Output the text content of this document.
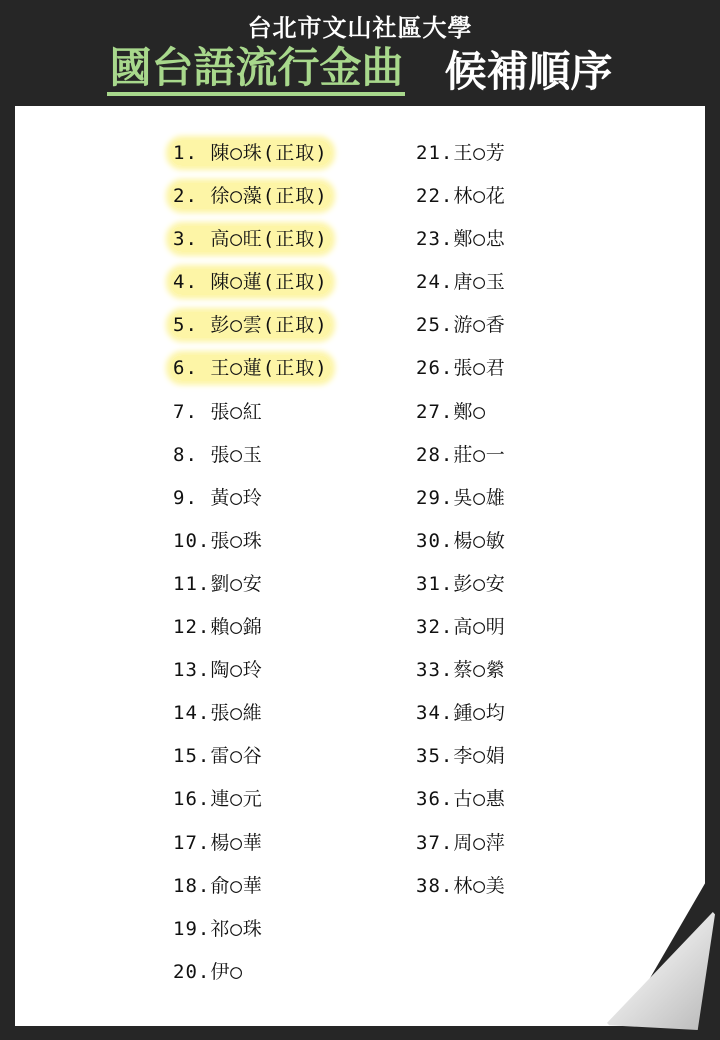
台北市文山社區大學
國台語流行金曲 候補順序
1. 陳◯珠(正取)
2. 徐◯藻(正取)
3. 高◯旺(正取)
4. 陳◯蓮(正取)
5. 彭◯雲(正取)
6. 王◯蓮(正取)
7. 張◯紅
8. 張◯玉
9. 黃◯玲
10.張◯珠
11.劉◯安
12.賴◯錦
13.陶◯玲
14.張◯維
15.雷◯谷
16.連◯元
17.楊◯華
18.俞◯華
19.祁◯珠
20.伊◯
21.王◯芳
22.林◯花
23.鄭◯忠
24.唐◯玉
25.游◯香
26.張◯君
27.鄭◯
28.莊◯一
29.吳◯雄
30.楊◯敏
31.彭◯安
32.高◯明
33.蔡◯縈
34.鍾◯均
35.李◯娟
36.古◯惠
37.周◯萍
38.林◯美
